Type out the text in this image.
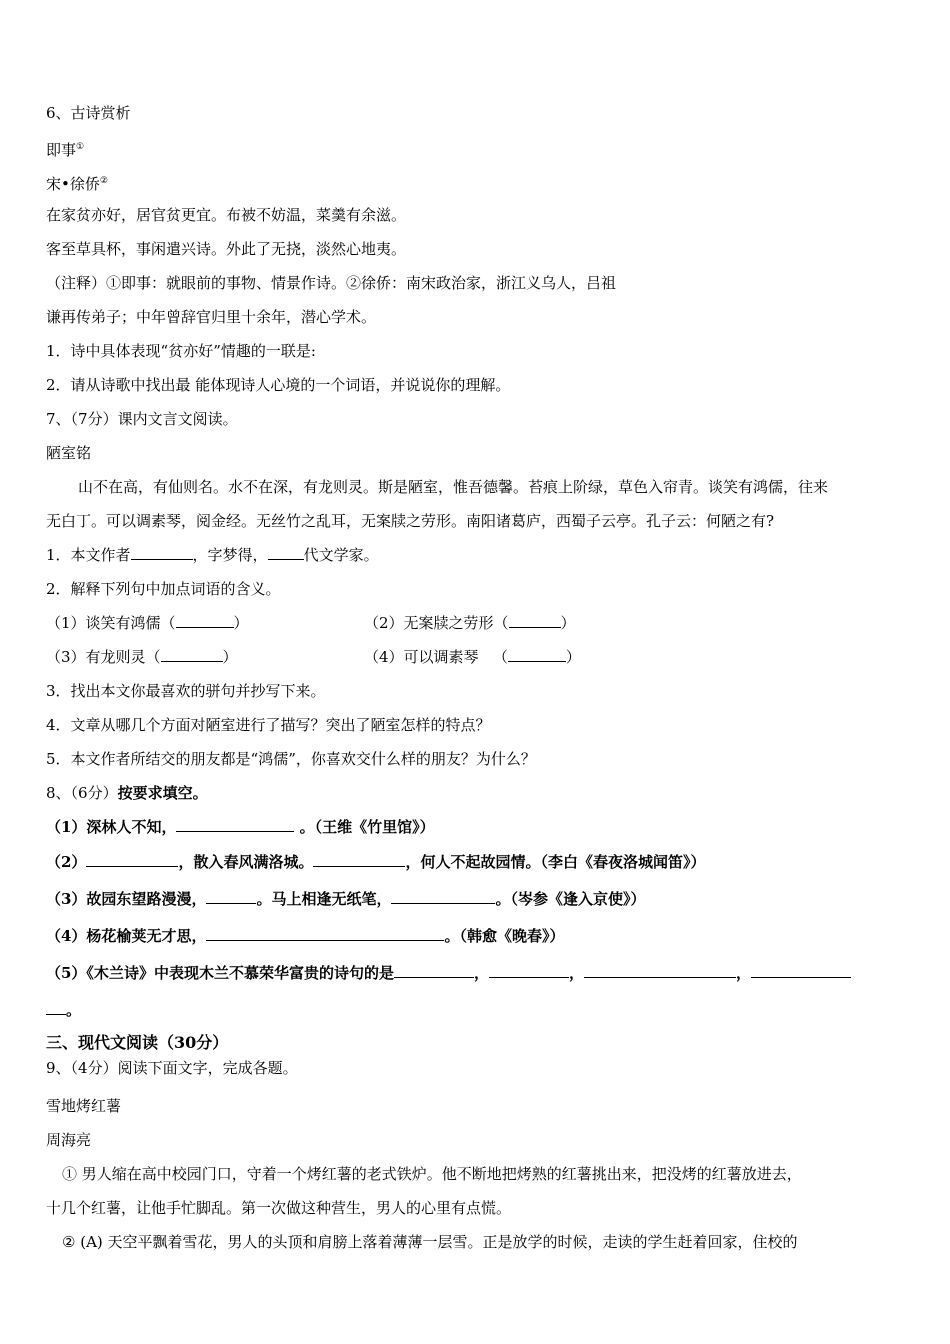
6、古诗赏析

即事①

宋•徐侨②

在家贫亦好，居官贫更宜。布被不妨温，菜羹有余滋。

客至草具杯，事闲遣兴诗。外此了无挠，淡然心地夷。

（注释）①即事：就眼前的事物、情景作诗。②徐侨：南宋政治家，浙江义乌人，吕祖

谦再传弟子；中年曾辞官归里十余年，潜心学术。

1．诗中具体表现“贫亦好”情趣的一联是:

2．请从诗歌中找出最 能体现诗人心境的一个词语，并说说你的理解。

7、（7分）课内文言文阅读。

陋室铭

山不在高，有仙则名。水不在深，有龙则灵。斯是陋室，惟吾德馨。苔痕上阶绿，草色入帘青。谈笑有鸿儒，往来

无白丁。可以调素琴，阅金经。无丝竹之乱耳，无案牍之劳形。南阳诸葛庐，西蜀子云亭。孔子云：何陋之有?

1．本文作者	，字梦得， 代文学家。

2．解释下列句中加点词语的含义。

（1）谈笑有鸿儒（	）	（2）无案牍之劳形（	）

（3）有龙则灵（	）	（4）可以调素琴   （	）

3．找出本文你最喜欢的骈句并抄写下来。

4．文章从哪几个方面对陋室进行了描写？突出了陋室怎样的特点？

5．本文作者所结交的朋友都是“鸿儒”，你喜欢交什么样的朋友？为什么？

8、（6分）按要求填空。

（1）深林人不知，	。（王维《竹里馆》）

（2）	，散入春风满洛城。	，何人不起故园情。（李白《春夜洛城闻笛》）

（3）故园东望路漫漫，	。马上相逢无纸笔，	。（岑参《逢入京使》）

（4）杨花榆荚无才思，	。（韩愈《晚春》）

（5）《木兰诗》中表现木兰不慕荣华富贵的诗句的是	，	，	，

。

三、现代文阅读（30分）

9、（4分）阅读下面文字，完成各题。

雪地烤红薯

周海亮

① 男人缩在高中校园门口，守着一个烤红薯的老式铁炉。他不断地把烤熟的红薯挑出来，把没烤的红薯放进去，

十几个红薯，让他手忙脚乱。第一次做这种营生，男人的心里有点慌。

② (A) 天空平飘着雪花，男人的头顶和肩膀上落着薄薄一层雪。正是放学的时候，走读的学生赶着回家，住校的
